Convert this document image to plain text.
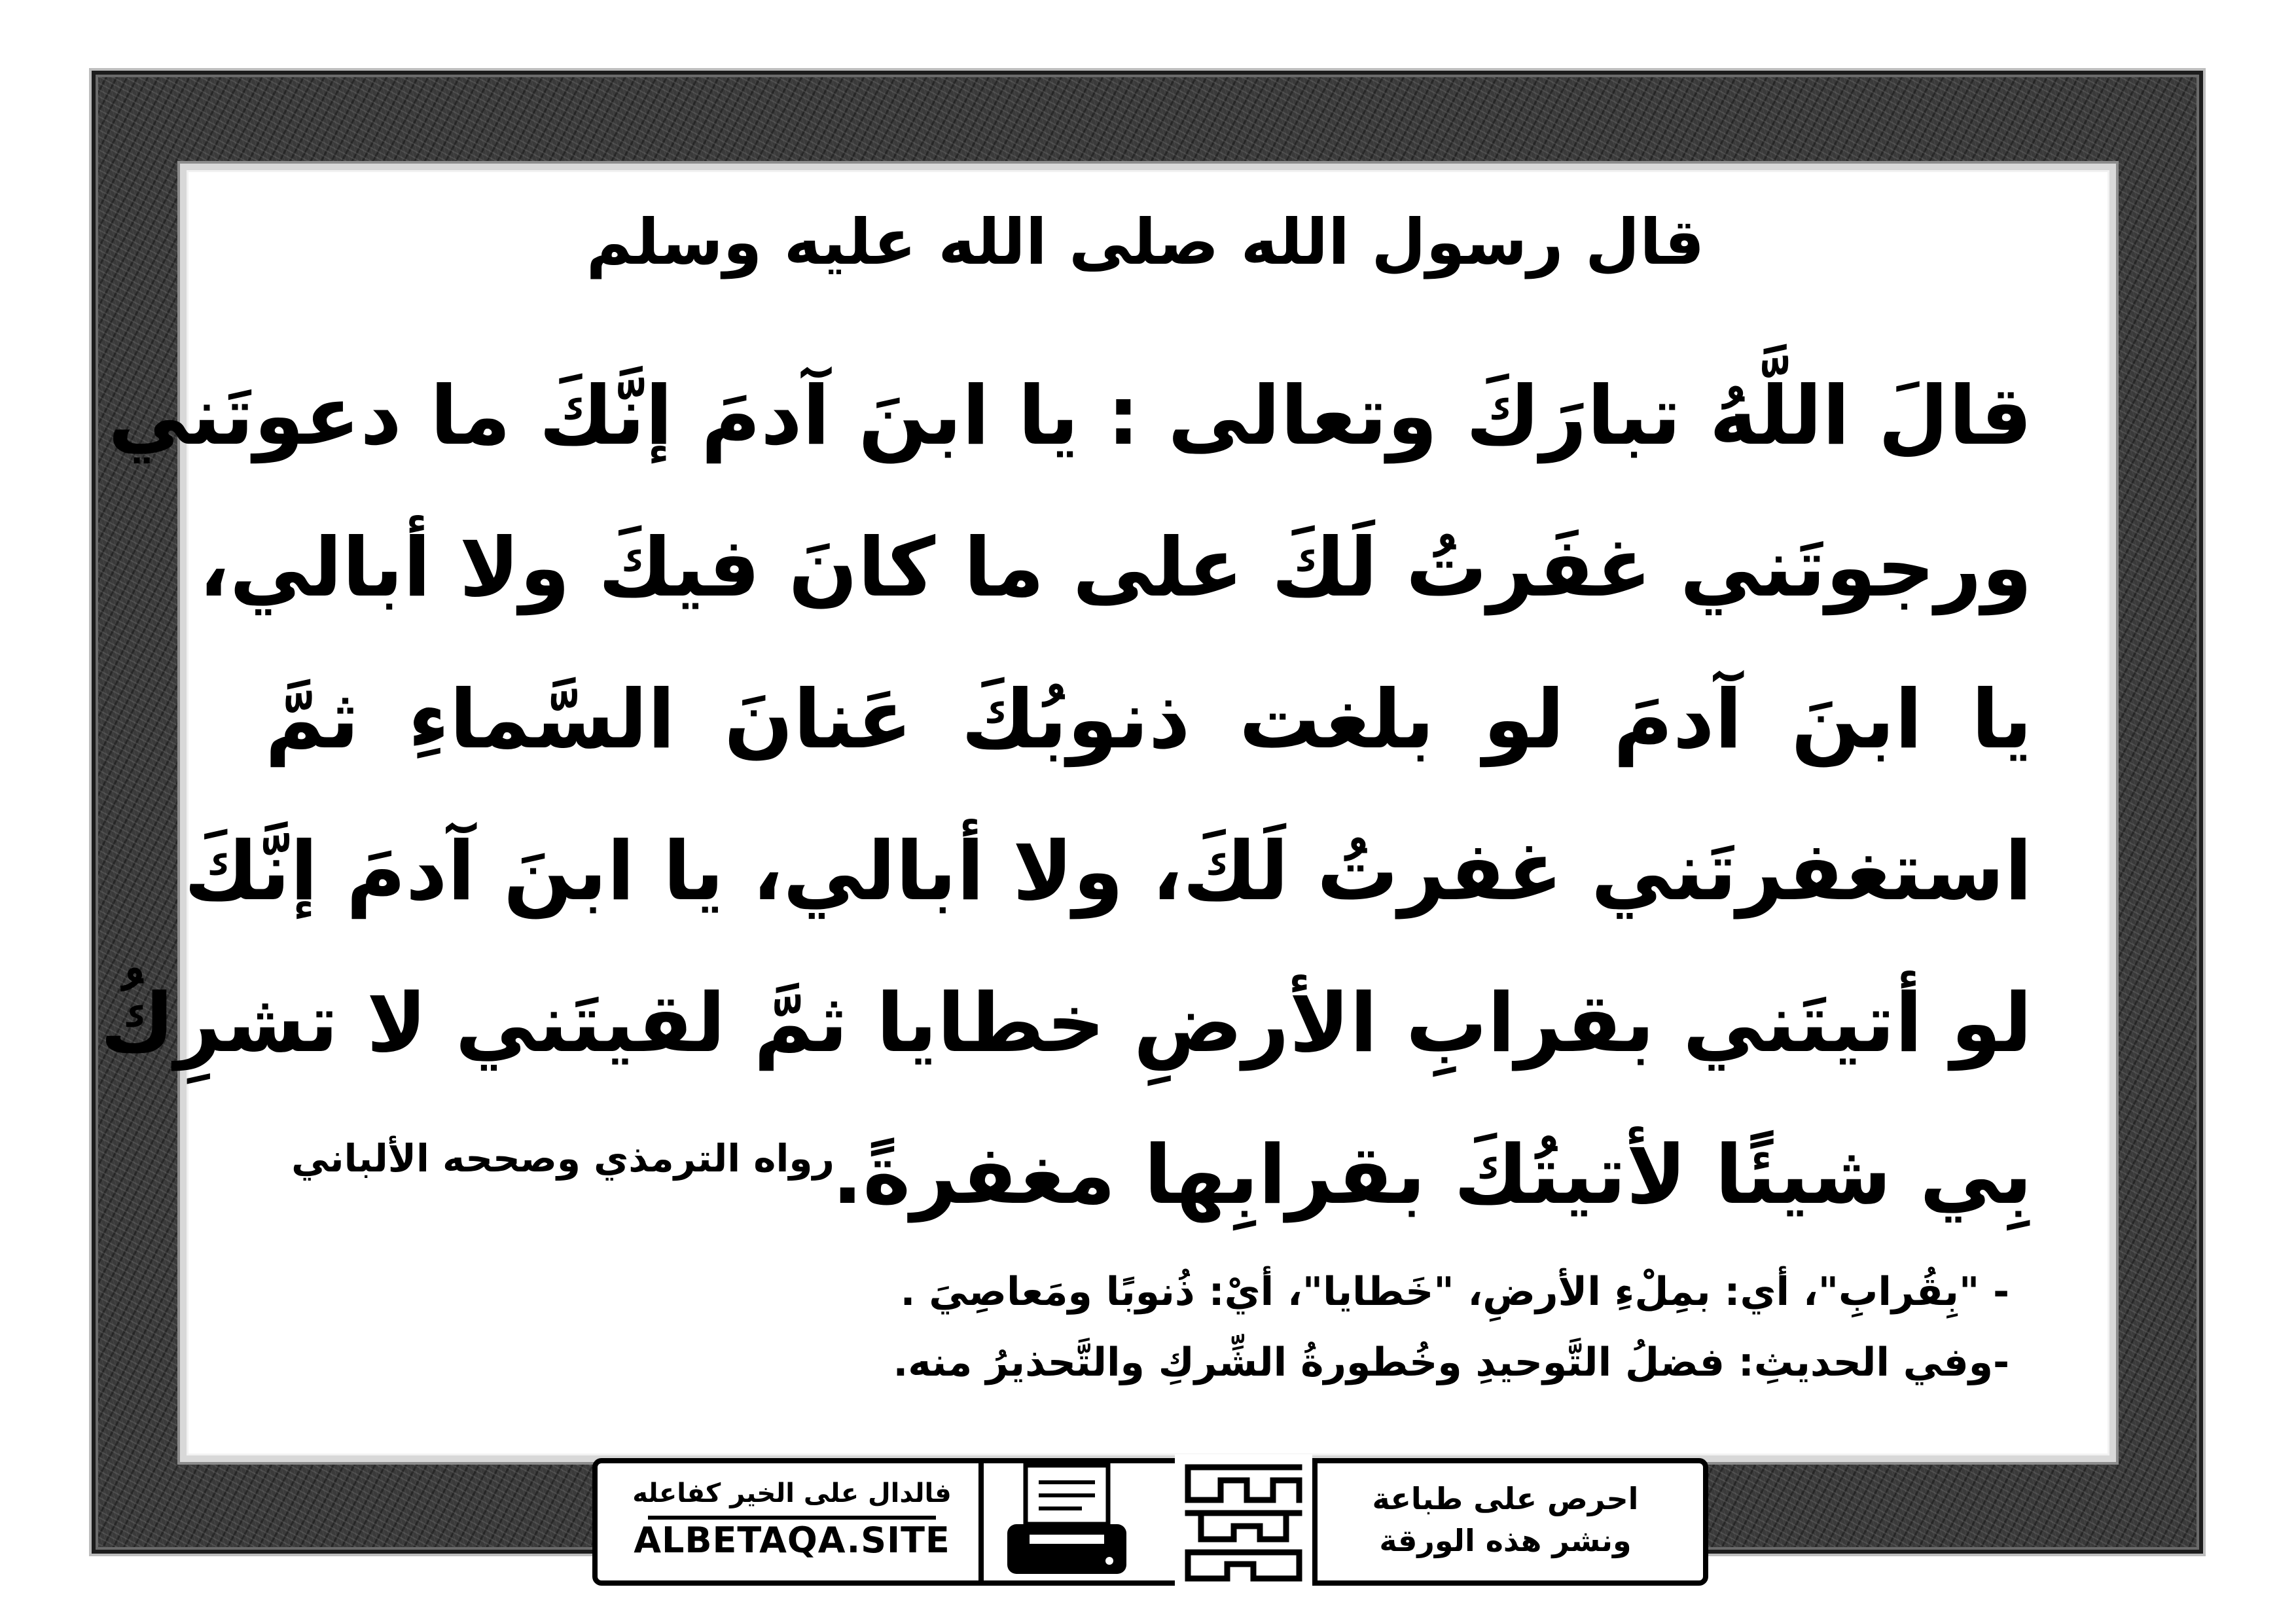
قال رسول الله صلى الله عليه وسلم
قالَ اللَّهُ تبارَكَ وتعالى : يا ابنَ آدمَ إنَّكَ ما دعوتَني
ورجوتَني غفَرتُ لَكَ على ما كانَ فيكَ ولا أبالي،
يا ابنَ آدمَ لو بلغت ذنوبُكَ عَنانَ السَّماءِ ثمَّ
استغفرتَني غفرتُ لَكَ، ولا أبالي، يا ابنَ آدمَ إنَّكَ
لو أتيتَني بقرابِ الأرضِ خطايا ثمَّ لقيتَني لا تشرِكُ
بِي شيئًا لأتيتُكَ بقرابِها مغفرةً.
رواه الترمذي وصححه الألباني
- "بِقُرابِ"، أي: بمِلْءِ الأرضِ، "خَطايا"، أيْ: ذُنوبًا ومَعاصِيَ .
-وفي الحديثِ: فضلُ التَّوحيدِ وخُطورةُ الشِّركِ والتَّحذيرُ منه.
احرص على طباعة
ونشر هذه الورقة
فالدال على الخير كفاعله
ALBETAQA.SITE
